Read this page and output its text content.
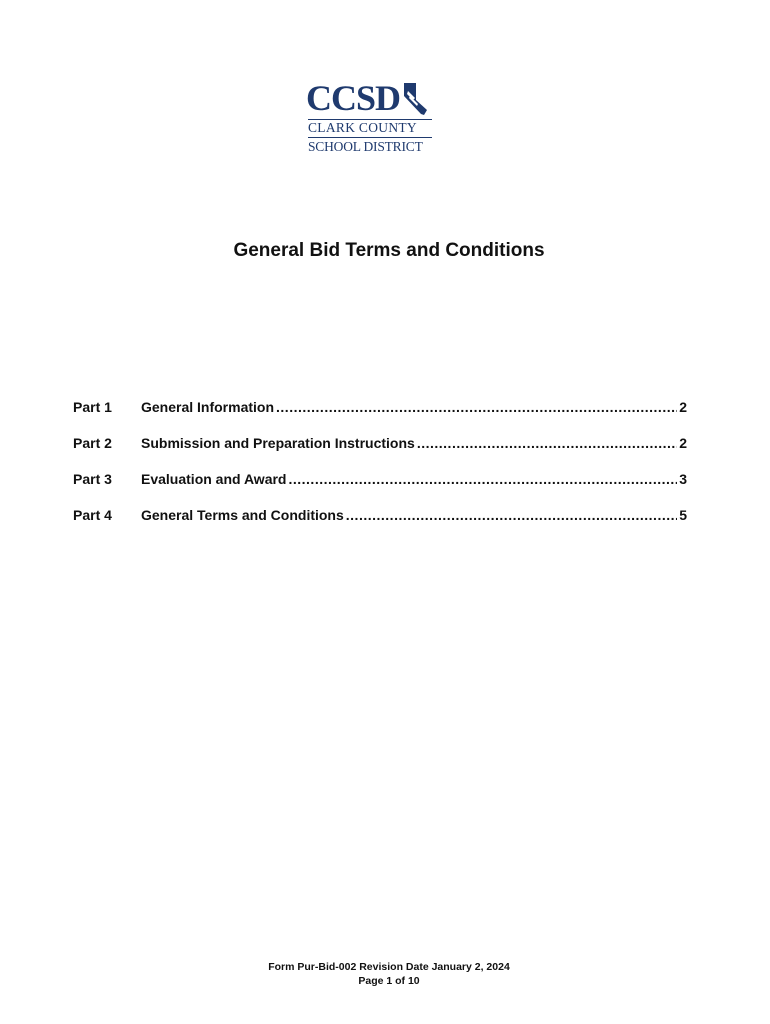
CCSD
CLARK COUNTY
SCHOOL DISTRICT
General Bid Terms and Conditions
Part 1	General Information .....	2
Part 2	Submission and Preparation Instructions .....	2
Part 3	Evaluation and Award .....	3
Part 4	General Terms and Conditions .....	5
Form Pur-Bid-002 Revision Date January 2, 2024
Page 1 of 10
